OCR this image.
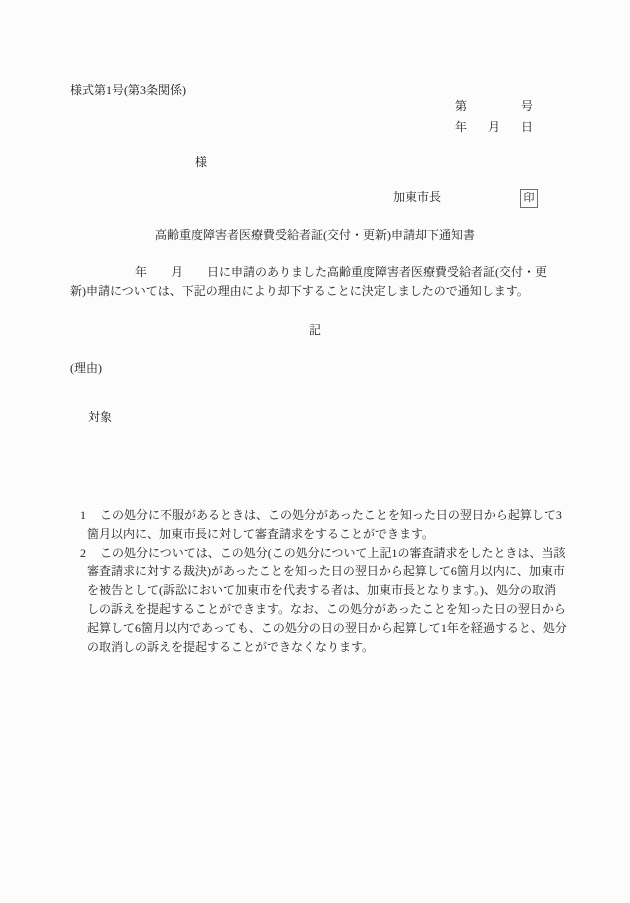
様式第1号(第3条関係)
第	号
年 月 日
様
加東市長	印
高齢重度障害者医療費受給者証(交付・更新)申請却下通知書
年　　月　　日に申請のありました高齢重度障害者医療費受給者証(交付・更
新)申請については、下記の理由により却下することに決定しましたので通知します。
記
(理由)
対象
1 この処分に不服があるときは、この処分があったことを知った日の翌日から起算して3
箇月以内に、加東市長に対して審査請求をすることができます。
2 この処分については、この処分(この処分について上記1の審査請求をしたときは、当該
審査請求に対する裁決)があったことを知った日の翌日から起算して6箇月以内に、加東市
を被告として(訴訟において加東市を代表する者は、加東市長となります。)、処分の取消
しの訴えを提起することができます。なお、この処分があったことを知った日の翌日から
起算して6箇月以内であっても、この処分の日の翌日から起算して1年を経過すると、処分
の取消しの訴えを提起することができなくなります。
